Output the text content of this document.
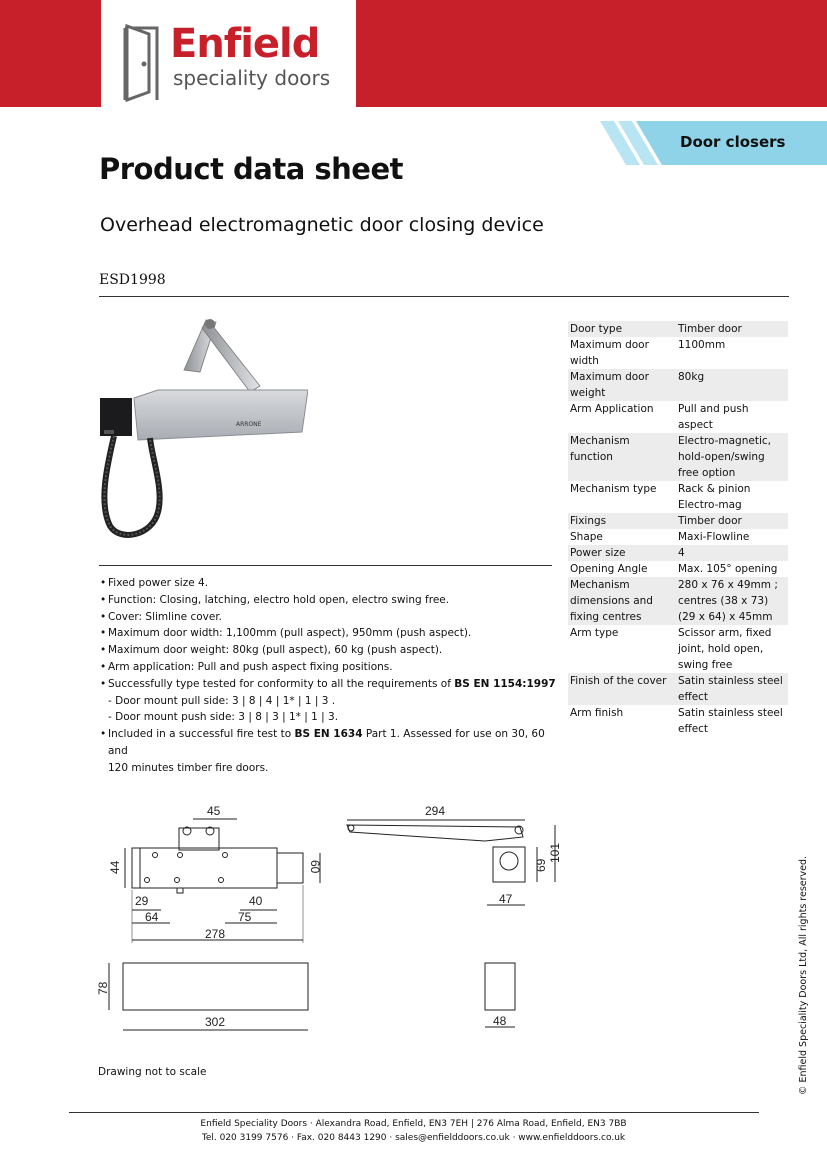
Enfield
speciality doors
Door closers
Product data sheet
Overhead electromagnetic door closing device
ESD1998
ARRONE
• Fixed power size 4.
• Function: Closing, latching, electro hold open, electro swing free.
• Cover: Slimline cover.
• Maximum door width: 1,100mm (pull aspect), 950mm (push aspect).
• Maximum door weight: 80kg (pull aspect), 60 kg (push aspect).
• Arm application: Pull and push aspect fixing positions.
• Successfully type tested for conformity to all the requirements of BS EN 1154:1997
- Door mount pull side: 3 | 8 | 4 | 1* | 1 | 3 .
- Door mount push side: 3 | 8 | 3 | 1* | 1 | 3.
• Included in a successful fire test to BS EN 1634 Part 1. Assessed for use on 30, 60 and
120 minutes timber fire doors.
Door type	Timber door
Maximum door width	1100mm
Maximum door weight	80kg
Arm Application	Pull and push aspect
Mechanism function	Electro-magnetic, hold-open/swing free option
Mechanism type	Rack & pinion Electro-mag
Fixings	Timber door
Shape	Maxi-Flowline
Power size	4
Opening Angle	Max. 105° opening
Mechanism dimensions and fixing centres	280 x 76 x 49mm ; centres (38 x 73) (29 x 64) x 45mm
Arm type	Scissor arm, fixed joint, hold open, swing free
Finish of the cover	Satin stainless steel effect
Arm finish	Satin stainless steel effect
45
44	60
29
64
40
75
278
294
69
101
47
78
302	48
Drawing not to scale	© Enfield Speciality Doors Ltd, All rights reserved.
Enfield Speciality Doors · Alexandra Road, Enfield, EN3 7EH | 276 Alma Road, Enfield, EN3 7BB
Tel. 020 3199 7576 · Fax. 020 8443 1290 · sales@enfielddoors.co.uk · www.enfielddoors.co.uk
